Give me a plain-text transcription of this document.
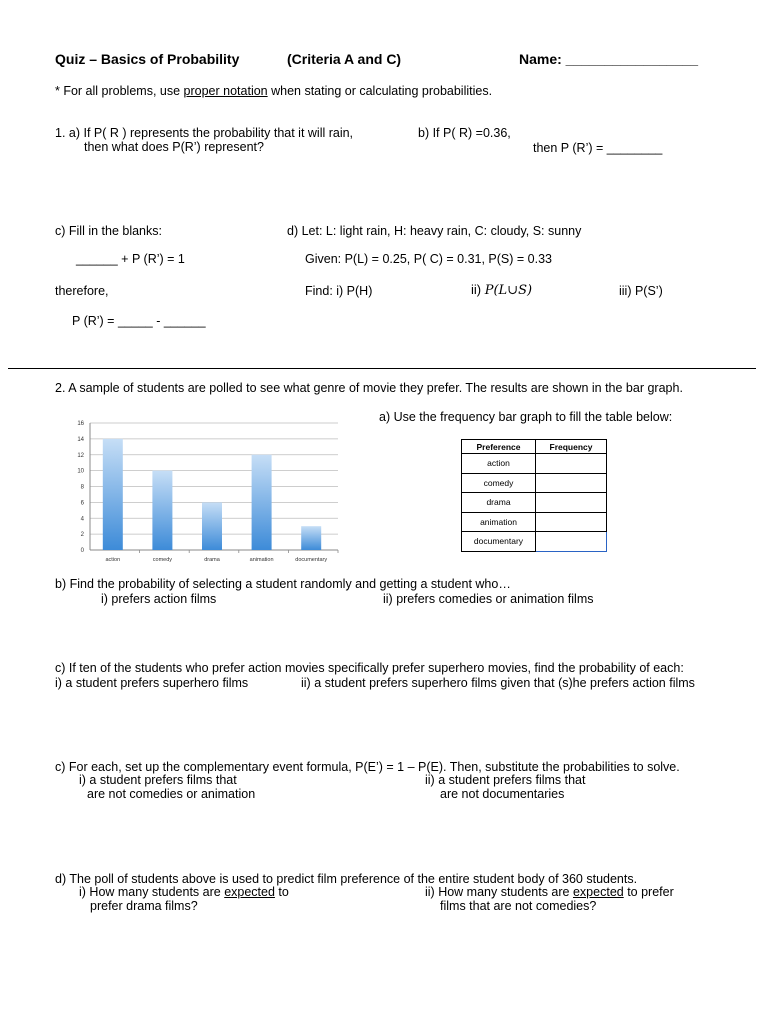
Quiz – Basics of Probability	(Criteria A and C)	Name: _________________
* For all problems, use proper notation when stating or calculating probabilities.
1. a) If P( R ) represents the probability that it will rain,
then what does P(R’) represent?
b) If P( R) =0.36,
then P (R’) = ________
c) Fill in the blanks:
______ + P (R’) = 1
therefore,
P (R’) = _____ - ______
d) Let: L: light rain, H: heavy rain, C: cloudy, S: sunny
Given: P(L) = 0.25, P( C) = 0.31, P(S) = 0.33
Find: i) P(H)	ii) P(L∪S)	iii) P(S’)
2. A sample of students are polled to see what genre of movie they prefer. The results are shown in the bar graph.
a) Use the frequency bar graph to fill the table below:
0
2
4
6
8
10
12
14
16
action	comedy	drama	animation	documentary
Preference	Frequency
action	
comedy	
drama	
animation	
documentary	
b) Find the probability of selecting a student randomly and getting a student who…
i) prefers action films	ii) prefers comedies or animation films
c) If ten of the students who prefer action movies specifically prefer superhero movies, find the probability of each:
i) a student prefers superhero films	ii) a student prefers superhero films given that (s)he prefers action films
c) For each, set up the complementary event formula, P(E’) = 1 – P(E). Then, substitute the probabilities to solve.
i) a student prefers films that
are not comedies or animation
ii) a student prefers films that
are not documentaries
d) The poll of students above is used to predict film preference of the entire student body of 360 students.
i) How many students are expected to
prefer drama films?
ii) How many students are expected to prefer
films that are not comedies?
